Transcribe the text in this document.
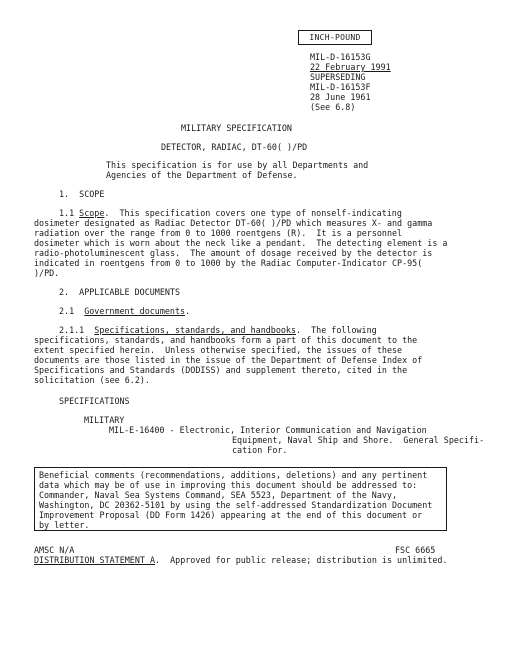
INCH-POUND

MIL-D-16153G

22 February 1991

SUPERSEDING

MIL-D-16153F

28 June 1961

(See 6.8)

MILITARY SPECIFICATION

DETECTOR, RADIAC, DT-60( )/PD

This specification is for use by all Departments and

Agencies of the Department of Defense.

1.  SCOPE

1.1 Scope.  This specification covers one type of nonself-indicating

dosimeter designated as Radiac Detector DT-60( )/PD which measures X- and gamma

radiation over the range from 0 to 1000 roentgens (R).  It is a personnel

dosimeter which is worn about the neck like a pendant.  The detecting element is a

radio-photoluminescent glass.  The amount of dosage received by the detector is

indicated in roentgens from 0 to 1000 by the Radiac Computer-Indicator CP-95(

)/PD.

2.  APPLICABLE DOCUMENTS

2.1  Government documents.

2.1.1  Specifications, standards, and handbooks.  The following

specifications, standards, and handbooks form a part of this document to the

extent specified herein.  Unless otherwise specified, the issues of these

documents are those listed in the issue of the Department of Defense Index of

Specifications and Standards (DODISS) and supplement thereto, cited in the

solicitation (see 6.2).

SPECIFICATIONS

MILITARY

MIL-E-16400 - Electronic, Interior Communication and Navigation

Equipment, Naval Ship and Shore.  General Specifi-

cation For.

Beneficial comments (recommendations, additions, deletions) and any pertinent

data which may be of use in improving this document should be addressed to:

Commander, Naval Sea Systems Command, SEA 5523, Department of the Navy,

Washington, DC 20362-5101 by using the self-addressed Standardization Document

Improvement Proposal (DD Form 1426) appearing at the end of this document or

by letter.

AMSC N/A	FSC 6665

DISTRIBUTION STATEMENT A.  Approved for public release; distribution is unlimited.
